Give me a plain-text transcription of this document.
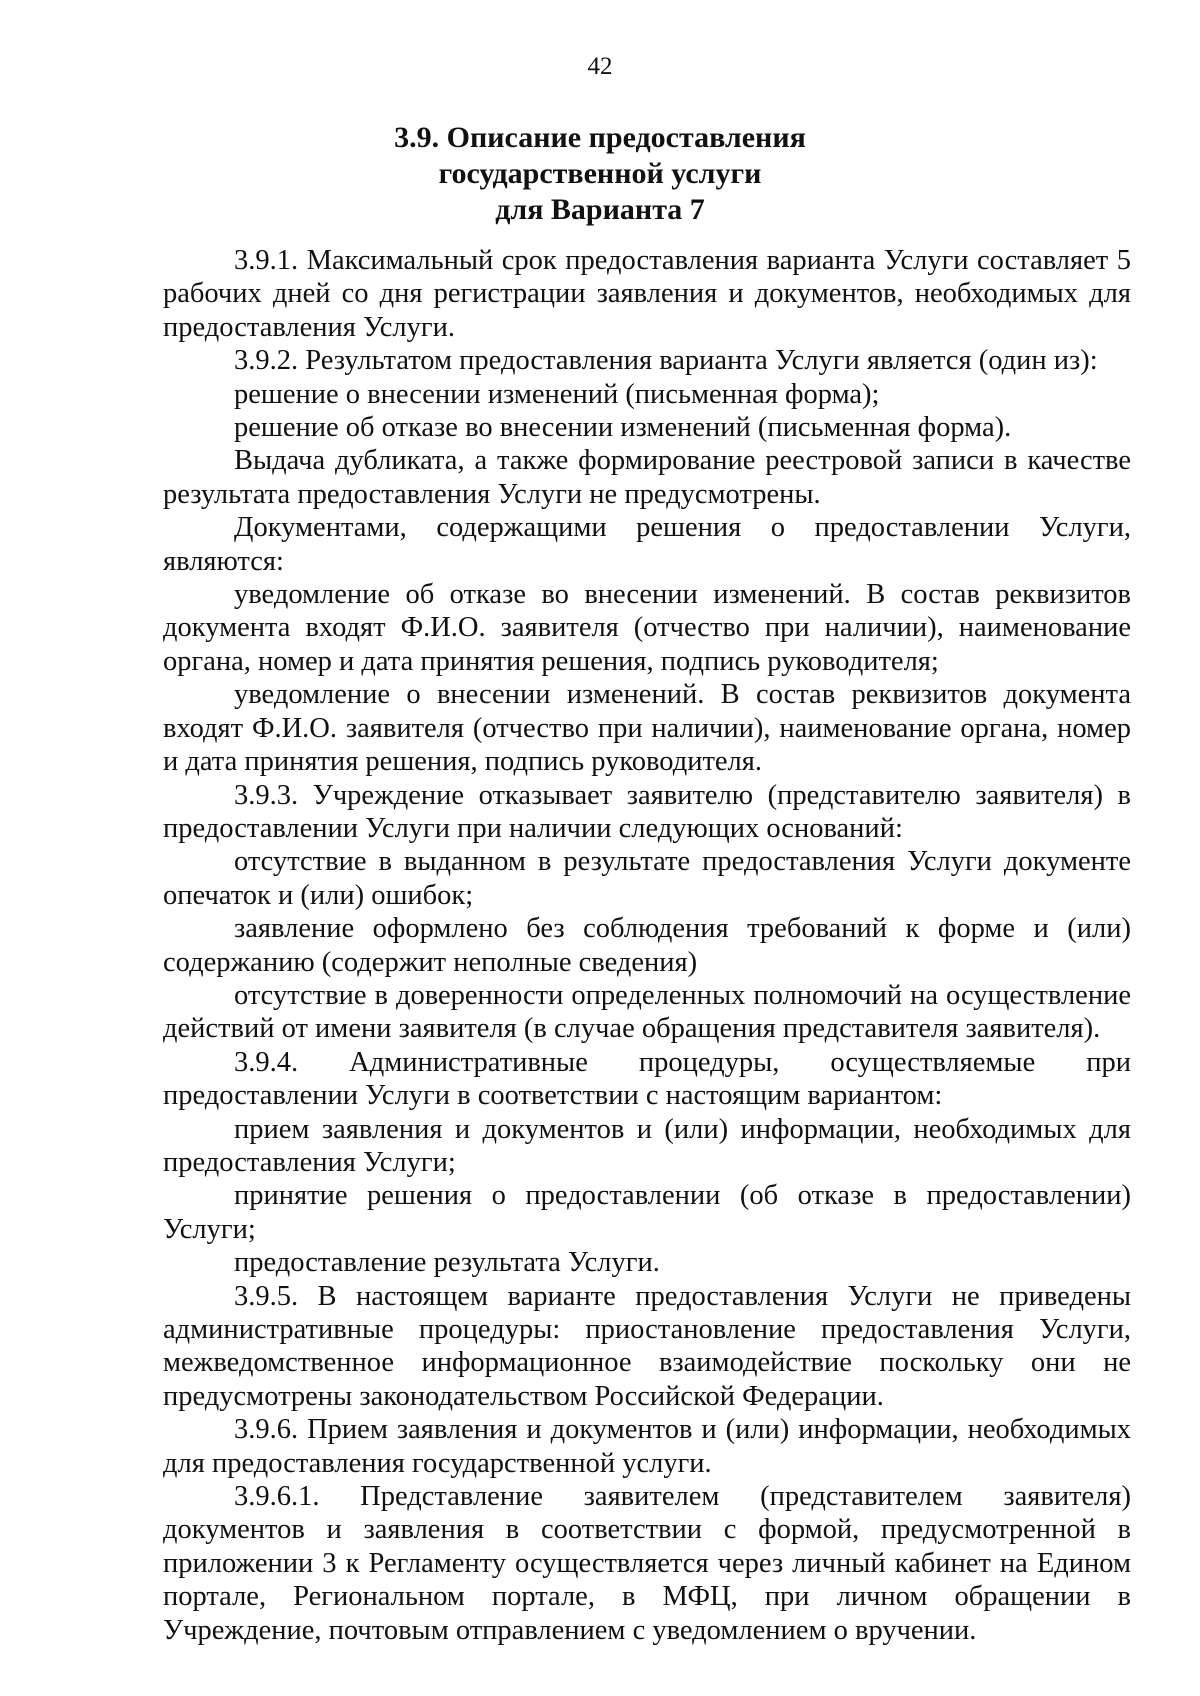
42
3.9. Описание предоставления
государственной услуги
для Варианта 7

3.9.1. Максимальный срок предоставления варианта Услуги составляет 5 рабочих дней со дня регистрации заявления и документов, необходимых для предоставления Услуги.

3.9.2. Результатом предоставления варианта Услуги является (один из):

решение о внесении изменений (письменная форма);

решение об отказе во внесении изменений (письменная форма).

Выдача дубликата, а также формирование реестровой записи в качестве результата предоставления Услуги не предусмотрены.

Документами, содержащими решения о предоставлении Услуги, являются:

уведомление об отказе во внесении изменений. В состав реквизитов документа входят Ф.И.О. заявителя (отчество при наличии), наименование органа, номер и дата принятия решения, подпись руководителя;

уведомление о внесении изменений. В состав реквизитов документа входят Ф.И.О. заявителя (отчество при наличии), наименование органа, номер и дата принятия решения, подпись руководителя.

3.9.3. Учреждение отказывает заявителю (представителю заявителя) в предоставлении Услуги при наличии следующих оснований:

отсутствие в выданном в результате предоставления Услуги документе опечаток и (или) ошибок;

заявление оформлено без соблюдения требований к форме и (или) содержанию (содержит неполные сведения)

отсутствие в доверенности определенных полномочий на осуществление действий от имени заявителя (в случае обращения представителя заявителя).

3.9.4. Административные процедуры, осуществляемые при предоставлении Услуги в соответствии с настоящим вариантом:

прием заявления и документов и (или) информации, необходимых для предоставления Услуги;

принятие решения о предоставлении (об отказе в предоставлении) Услуги;

предоставление результата Услуги.

3.9.5. В настоящем варианте предоставления Услуги не приведены административные процедуры: приостановление предоставления Услуги, межведомственное информационное взаимодействие поскольку они не предусмотрены законодательством Российской Федерации.

3.9.6. Прием заявления и документов и (или) информации, необходимых для предоставления государственной услуги.

3.9.6.1. Представление заявителем (представителем заявителя) документов и заявления в соответствии с формой, предусмотренной в приложении 3 к Регламенту осуществляется через личный кабинет на Едином портале, Региональном портале, в МФЦ, при личном обращении в Учреждение, почтовым отправлением с уведомлением о вручении.
